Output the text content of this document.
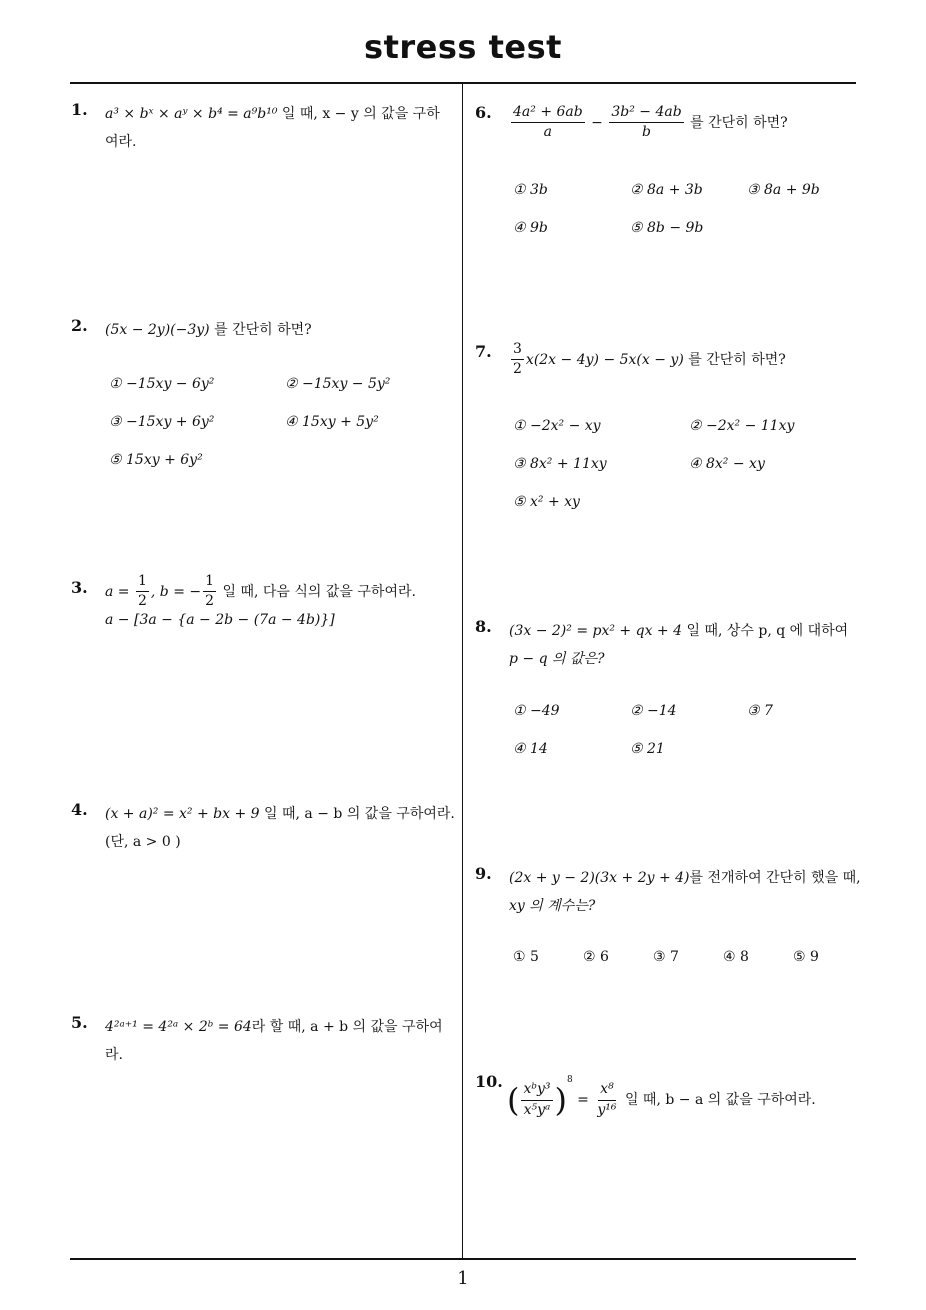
stress test
1. a³ × bˣ × aʸ × b⁴ = a⁹b¹⁰ 일 때, x − y 의 값을 구하
여라.
2. (5x − 2y)(−3y) 를 간단히 하면?
① −15xy − 6y²	② −15xy − 5y²
③ −15xy + 6y²	④ 15xy + 5y²
⑤ 15xy + 6y²
3. $a = \frac{1}{2}$ , b = − $\frac{1}{2}$ 일 때, 다음 식의 값을 구하여라.
a − [3a − {a − 2b − (7a − 4b)}]
4. (x + a)² = x² + bx + 9 일 때, a − b 의 값을 구하여라.
(단, a > 0 )
5. 4²ᵃ⁺¹ = 4²ᵃ × 2ᵇ = 64라 할 때, a + b 의 값을 구하여
라.
6. $\frac{\text{4a² + 6ab}}{a} - \frac{\text{3b² − 4ab}}{b}$ 를 간단히 하면?
① 3b	② 8a + 3b	③ 8a + 9b
④ 9b	⑤ 8b − 9b
7. $\frac{3}{2} x(2x - 4y) - 5x(x - y)$ 를 간단히 하면?
① −2x² − xy	② −2x² − 11xy
③ 8x² + 11xy	④ 8x² − xy
⑤ x² + xy
8. (3x − 2)² = px² + qx + 4 일 때, 상수 p, q 에 대하여
p − q 의 값은?
① −49	② −14	③ 7
④ 14	⑤ 21
9. (2x + y − 2)(3x + 2y + 4)를 전개하여 간단히 했을 때,
xy 의 계수는?
① 5	② 6	③ 7	④ 8	⑤ 9
10. ( $\frac{\text{xᵇy³}}{\text{x⁵yᵃ}} )^8 = \frac{\text{x⁸}}{\text{y¹⁶}}$ 일 때, b − a 의 값을 구하여라.
1
